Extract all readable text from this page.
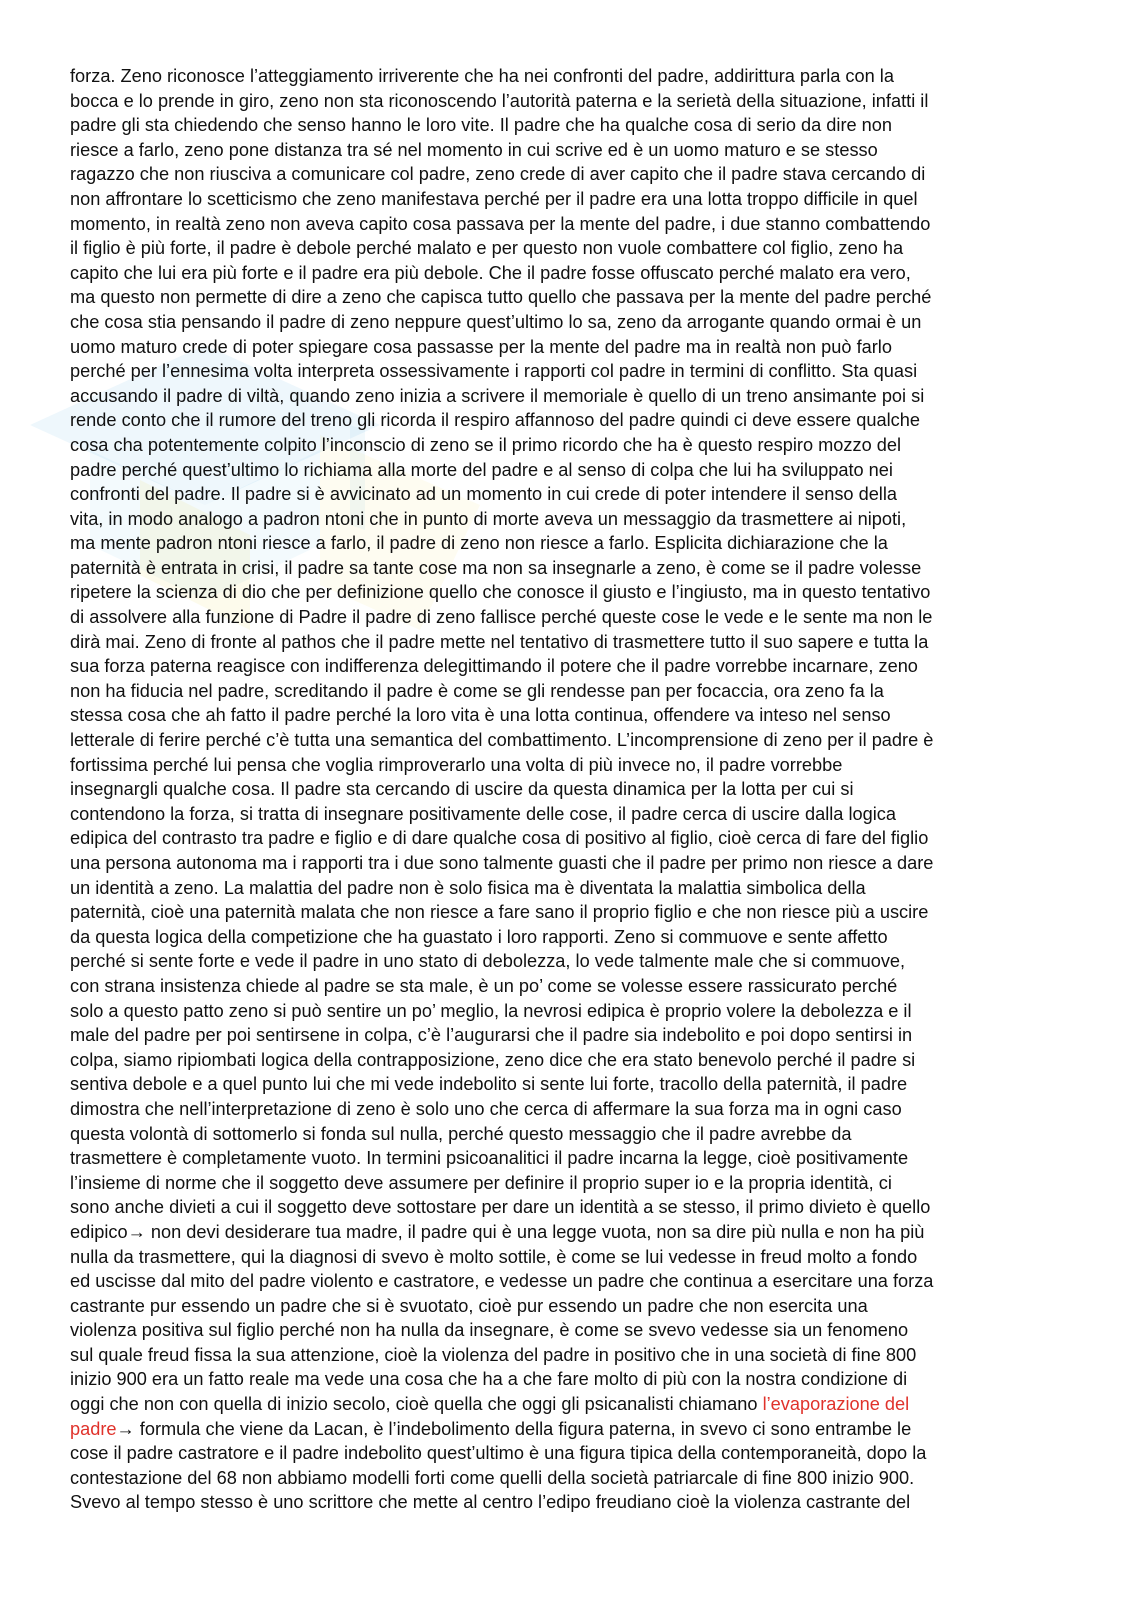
forza. Zeno riconosce l’atteggiamento irriverente che ha nei confronti del padre, addirittura parla con la
bocca e lo prende in giro, zeno non sta riconoscendo l’autorità paterna e la serietà della situazione, infatti il
padre gli sta chiedendo che senso hanno le loro vite. Il padre che ha qualche cosa di serio da dire non
riesce a farlo, zeno pone distanza tra sé nel momento in cui scrive ed è un uomo maturo e se stesso
ragazzo che non riusciva a comunicare col padre, zeno crede di aver capito che il padre stava cercando di
non affrontare lo scetticismo che zeno manifestava perché per il padre era una lotta troppo difficile in quel
momento, in realtà zeno non aveva capito cosa passava per la mente del padre, i due stanno combattendo
il figlio è più forte, il padre è debole perché malato e per questo non vuole combattere col figlio, zeno ha
capito che lui era più forte e il padre era più debole. Che il padre fosse offuscato perché malato era vero,
ma questo non permette di dire a zeno che capisca tutto quello che passava per la mente del padre perché
che cosa stia pensando il padre di zeno neppure quest’ultimo lo sa, zeno da arrogante quando ormai è un
uomo maturo crede di poter spiegare cosa passasse per la mente del padre ma in realtà non può farlo
perché per l’ennesima volta interpreta ossessivamente i rapporti col padre in termini di conflitto. Sta quasi
accusando il padre di viltà, quando zeno inizia a scrivere il memoriale è quello di un treno ansimante poi si
rende conto che il rumore del treno gli ricorda il respiro affannoso del padre quindi ci deve essere qualche
cosa cha potentemente colpito l’inconscio di zeno se il primo ricordo che ha è questo respiro mozzo del
padre perché quest’ultimo lo richiama alla morte del padre e al senso di colpa che lui ha sviluppato nei
confronti del padre. Il padre si è avvicinato ad un momento in cui crede di poter intendere il senso della
vita, in modo analogo a padron ntoni che in punto di morte aveva un messaggio da trasmettere ai nipoti,
ma mente padron ntoni riesce a farlo, il padre di zeno non riesce a farlo. Esplicita dichiarazione che la
paternità è entrata in crisi, il padre sa tante cose ma non sa insegnarle a zeno, è come se il padre volesse
ripetere la scienza di dio che per definizione quello che conosce il giusto e l’ingiusto, ma in questo tentativo
di assolvere alla funzione di Padre il padre di zeno fallisce perché queste cose le vede e le sente ma non le
dirà mai. Zeno di fronte al pathos che il padre mette nel tentativo di trasmettere tutto il suo sapere e tutta la
sua forza paterna reagisce con indifferenza delegittimando il potere che il padre vorrebbe incarnare, zeno
non ha fiducia nel padre, screditando il padre è come se gli rendesse pan per focaccia, ora zeno fa la
stessa cosa che ah fatto il padre perché la loro vita è una lotta continua, offendere va inteso nel senso
letterale di ferire perché c’è tutta una semantica del combattimento. L’incomprensione di zeno per il padre è
fortissima perché lui pensa che voglia rimproverarlo una volta di più invece no, il padre vorrebbe
insegnargli qualche cosa. Il padre sta cercando di uscire da questa dinamica per la lotta per cui si
contendono la forza, si tratta di insegnare positivamente delle cose, il padre cerca di uscire dalla logica
edipica del contrasto tra padre e figlio e di dare qualche cosa di positivo al figlio, cioè cerca di fare del figlio
una persona autonoma ma i rapporti tra i due sono talmente guasti che il padre per primo non riesce a dare
un identità a zeno. La malattia del padre non è solo fisica ma è diventata la malattia simbolica della
paternità, cioè una paternità malata che non riesce a fare sano il proprio figlio e che non riesce più a uscire
da questa logica della competizione che ha guastato i loro rapporti. Zeno si commuove e sente affetto
perché si sente forte e vede il padre in uno stato di debolezza, lo vede talmente male che si commuove,
con strana insistenza chiede al padre se sta male, è un po’ come se volesse essere rassicurato perché
solo a questo patto zeno si può sentire un po’ meglio, la nevrosi edipica è proprio volere la debolezza e il
male del padre per poi sentirsene in colpa, c’è l’augurarsi che il padre sia indebolito e poi dopo sentirsi in
colpa, siamo ripiombati logica della contrapposizione, zeno dice che era stato benevolo perché il padre si
sentiva debole e a quel punto lui che mi vede indebolito si sente lui forte, tracollo della paternità, il padre
dimostra che nell’interpretazione di zeno è solo uno che cerca di affermare la sua forza ma in ogni caso
questa volontà di sottomerlo si fonda sul nulla, perché questo messaggio che il padre avrebbe da
trasmettere è completamente vuoto. In termini psicoanalitici il padre incarna la legge, cioè positivamente
l’insieme di norme che il soggetto deve assumere per definire il proprio super io e la propria identità, ci
sono anche divieti a cui il soggetto deve sottostare per dare un identità a se stesso, il primo divieto è quello
edipico→ non devi desiderare tua madre, il padre qui è una legge vuota, non sa dire più nulla e non ha più
nulla da trasmettere, qui la diagnosi di svevo è molto sottile, è come se lui vedesse in freud molto a fondo
ed uscisse dal mito del padre violento e castratore, e vedesse un padre che continua a esercitare una forza
castrante pur essendo un padre che si è svuotato, cioè pur essendo un padre che non esercita una
violenza positiva sul figlio perché non ha nulla da insegnare, è come se svevo vedesse sia un fenomeno
sul quale freud fissa la sua attenzione, cioè la violenza del padre in positivo che in una società di fine 800
inizio 900 era un fatto reale ma vede una cosa che ha a che fare molto di più con la nostra condizione di
oggi che non con quella di inizio secolo, cioè quella che oggi gli psicanalisti chiamano l’evaporazione del
padre→ formula che viene da Lacan, è l’indebolimento della figura paterna, in svevo ci sono entrambe le
cose il padre castratore e il padre indebolito quest’ultimo è una figura tipica della contemporaneità, dopo la
contestazione del 68 non abbiamo modelli forti come quelli della società patriarcale di fine 800 inizio 900.
Svevo al tempo stesso è uno scrittore che mette al centro l’edipo freudiano cioè la violenza castrante del
